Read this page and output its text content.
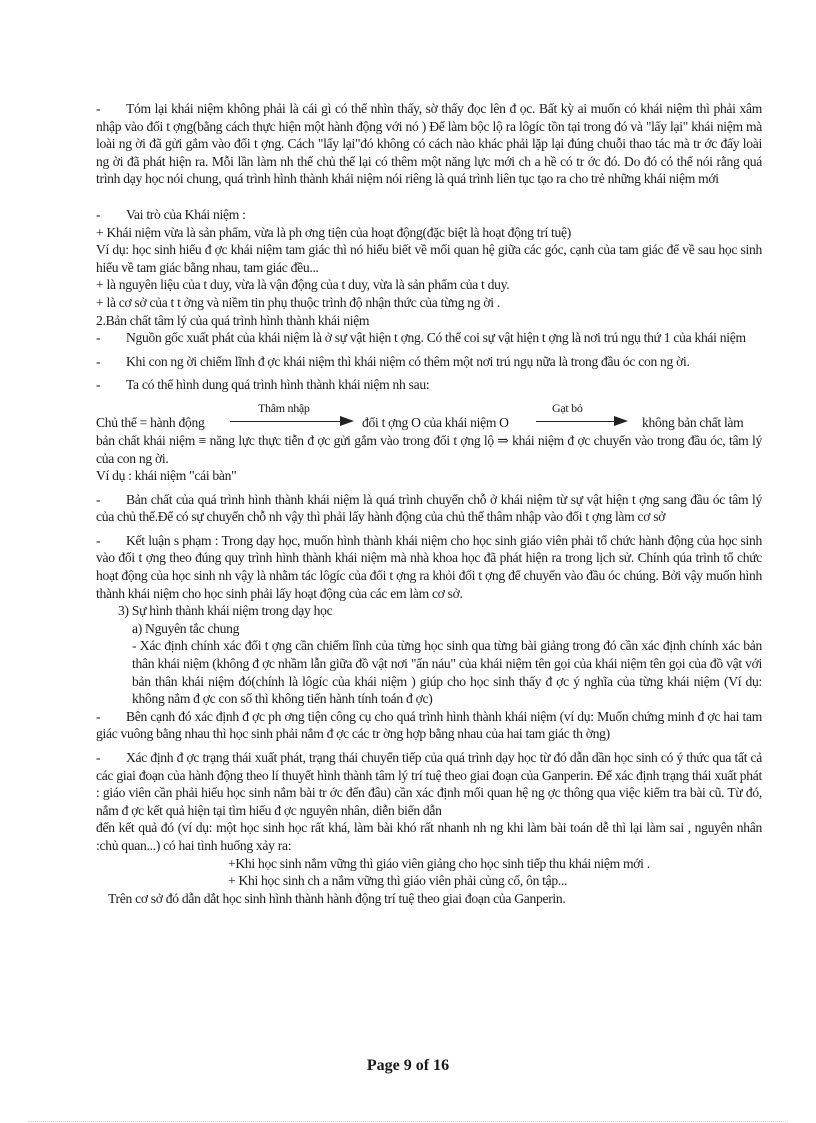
- Tóm lại khái niệm không phải là cái gì có thể nhìn thấy, sờ thấy đọc lên đ ọc. Bất kỳ ai muốn có khái niệm thì phải xâm nhập vào đối t ợng(bằng cách thực hiện một hành động với nó ) Để làm bộc lộ ra lôgíc tồn tại trong đó và "lấy lại" khái niệm mà loài ng ời đã gửi gắm vào đối t ợng. Cách "lấy lại"đó không có cách nào khác phải lặp lại đúng chuỗi thao tác mà tr ớc đấy loài ng ời đã phát hiện ra. Mỗi lần làm nh thế chủ thể lại có thêm một năng lực mới ch a hề có tr ớc đó. Do đó có thể nói rằng quá trình dạy học nói chung, quá trình hình thành khái niệm nói riêng là quá trình liên tục tạo ra cho trẻ những khái niệm mới

- Vai trò của Khái niệm :

+ Khái niệm vừa là sản phẩm, vừa là ph ơng tiện của hoạt động(đặc biệt là hoạt động trí tuệ)

Ví dụ: học sinh hiểu đ ợc khái niệm tam giác thì nó hiểu biết về mối quan hệ giữa các góc, cạnh của tam giác để về sau học sinh hiểu về tam giác bằng nhau, tam giác đều...

+ là nguyên liệu của t duy, vừa là vận động của t duy, vừa là sản phẩm của t duy.

+ là cơ sở của t t ởng và niềm tin phụ thuộc trình độ nhận thức của từng ng ời .

2.Bản chất tâm lý của quá trình hình thành khái niệm

- Nguồn gốc xuất phát của khái niệm là ở sự vật hiện t ợng. Có thể coi sự vật hiện t ợng là nơi trú ngụ thứ 1 của khái niệm

- Khi con ng ời chiếm lĩnh đ ợc khái niệm thì khái niệm có thêm một nơi trú ngụ nữa là trong đầu óc con ng ời.

- Ta có thể hình dung quá trình hình thành khái niệm nh sau:

Chủ thể = hành động
Thâm nhập
đối t ợng O của khái niệm O
Gạt bỏ
không bản chất làm

bản chất khái niệm ≡ năng lực thực tiễn đ ợc gửi gắm vào trong đối t ợng lộ ⇒ khái niệm đ ợc chuyển vào trong đầu óc, tâm lý của con ng ời.

Ví dụ : khái niệm "cái bàn"

- Bản chất của quá trình hình thành khái niệm là quá trình chuyển chỗ ở khái niệm từ sự vật hiện t ợng sang đầu óc tâm lý của chủ thể.Để có sự chuyển chỗ nh vậy thì phải lấy hành động của chủ thể thâm nhập vào đối t ợng làm cơ sở

- Kết luận s phạm : Trong dạy học, muốn hình thành khái niệm cho học sinh giáo viên phải tổ chức hành động của học sinh vào đối t ợng theo đúng quy trình hình thành khái niệm mà nhà khoa học đã phát hiện ra trong lịch sử. Chính qúa trình tổ chức hoạt động của học sinh nh vậy là nhằm tác lôgíc của đối t ợng ra khỏi đối t ợng để chuyển vào đầu óc chúng. Bởi vậy muốn hình thành khái niệm cho học sinh phải lấy hoạt động của các em làm cơ sở.

3) Sự hình thành khái niệm trong dạy học

a) Nguyên tắc chung

- Xác định chính xác đối t ợng cần chiếm lĩnh của từng học sinh qua từng bài giảng trong đó cần xác định chính xác bản thân khái niệm (không đ ợc nhầm lẫn giữa đồ vật nơi "ẩn náu" của khái niệm tên gọi của khái niệm tên gọi của đồ vật với bản thân khái niệm đó(chính là lôgíc của khái niệm ) giúp cho học sinh thấy đ ợc ý nghĩa của từng khái niệm (Ví dụ: không nắm đ ợc con số thì không tiến hành tính toán đ ợc)

- Bên cạnh đó xác định đ ợc ph ơng tiện công cụ cho quá trình hình thành khái niệm (ví dụ: Muốn chứng minh đ ợc hai tam giác vuông bằng nhau thì học sinh phải nắm đ ợc các tr ờng hợp bằng nhau của hai tam giác th ờng)

- Xác định đ ợc trạng thái xuất phát, trạng thái chuyển tiếp của quá trình dạy học từ đó dẫn dần học sinh có ý thức qua tất cả các giai đoạn của hành động theo lí thuyết hình thành tâm lý trí tuệ theo giai đoạn của Ganperin. Để xác định trạng thái xuất phát : giáo viên cần phải hiểu học sinh nắm bài tr ớc đến đâu) cần xác định mối quan hệ ng ợc thông qua việc kiểm tra bài cũ. Từ đó, nắm đ ợc kết quả hiện tại tìm hiểu đ ợc nguyên nhân, diễn biến dẫn

đến kết quả đó (ví dụ: một học sinh học rất khá, làm bài khó rất nhanh nh ng khi làm bài toán dễ thì lại làm sai , nguyên nhân :chủ quan...) có hai tình huống xảy ra:

+Khi học sinh nắm vững thì giáo viên giảng cho học sinh tiếp thu khái niệm mới .

+ Khi học sinh ch a nắm vững thì giáo viên phải củng cố, ôn tập...

Trên cơ sở đó dẫn dắt học sinh hình thành hành động trí tuệ theo giai đoạn của Ganperin.

Page 9 of 16
